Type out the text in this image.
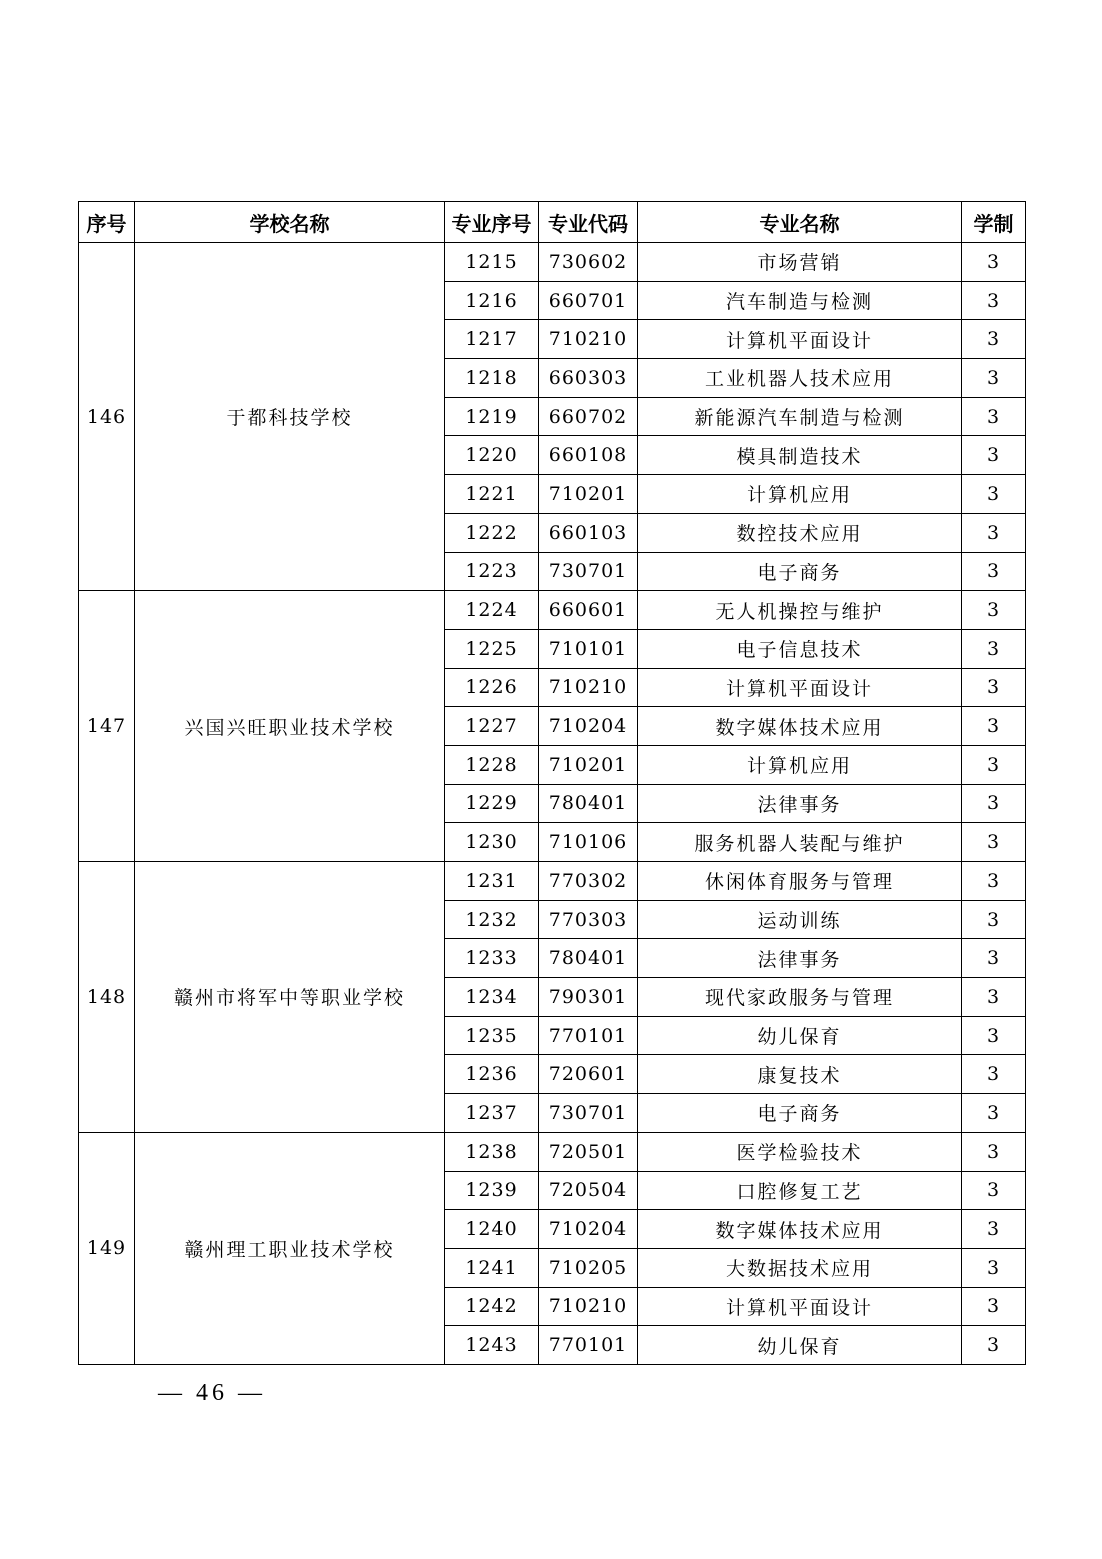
序号	学校名称	专业序号	专业代码	专业名称	学制
146	于都科技学校	1215	730602	市场营销	3
		1216	660701	汽车制造与检测	3
		1217	710210	计算机平面设计	3
		1218	660303	工业机器人技术应用	3
		1219	660702	新能源汽车制造与检测	3
		1220	660108	模具制造技术	3
		1221	710201	计算机应用	3
		1222	660103	数控技术应用	3
		1223	730701	电子商务	3
147	兴国兴旺职业技术学校	1224	660601	无人机操控与维护	3
		1225	710101	电子信息技术	3
		1226	710210	计算机平面设计	3
		1227	710204	数字媒体技术应用	3
		1228	710201	计算机应用	3
		1229	780401	法律事务	3
		1230	710106	服务机器人装配与维护	3
148	赣州市将军中等职业学校	1231	770302	休闲体育服务与管理	3
		1232	770303	运动训练	3
		1233	780401	法律事务	3
		1234	790301	现代家政服务与管理	3
		1235	770101	幼儿保育	3
		1236	720601	康复技术	3
		1237	730701	电子商务	3
149	赣州理工职业技术学校	1238	720501	医学检验技术	3
		1239	720504	口腔修复工艺	3
		1240	710204	数字媒体技术应用	3
		1241	710205	大数据技术应用	3
		1242	710210	计算机平面设计	3
		1243	770101	幼儿保育	3
— 46 —
